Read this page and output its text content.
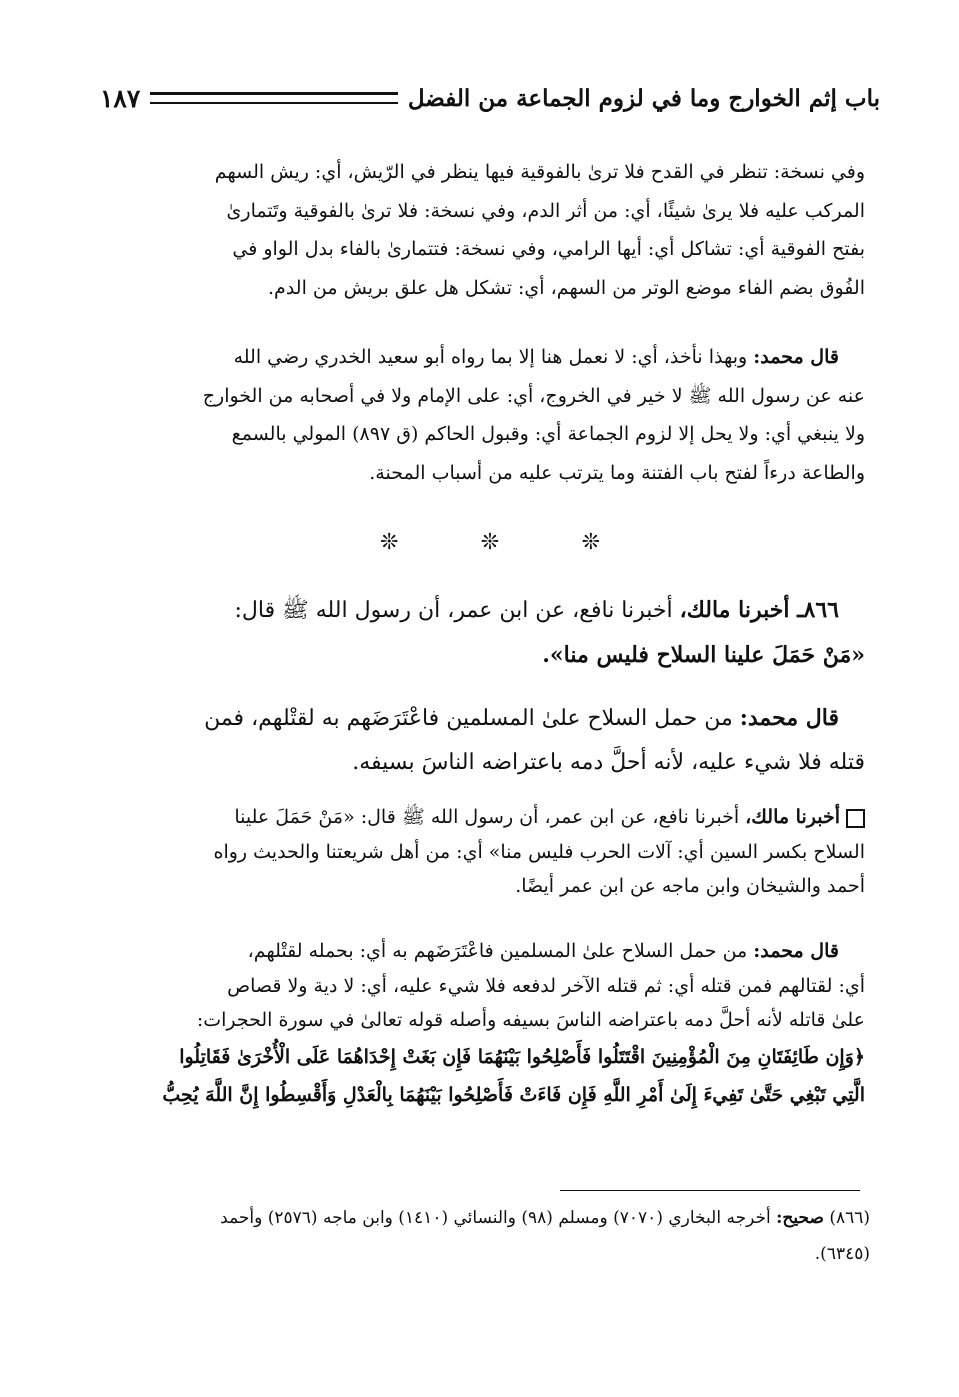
باب إثم الخوارج وما في لزوم الجماعة من الفضل
١٨٧
وفي نسخة: تنظر في القدح فلا ترىٰ بالفوقية فيها ينظر في الرّيش، أي: ريش السهم
المركب عليه فلا يرىٰ شيئًا، أي: من أثر الدم، وفي نسخة: فلا ترىٰ بالفوقية وتَتماریٰ
بفتح الفوقية أي: تشاكل أي: أيها الرامي، وفي نسخة: فتتماریٰ بالفاء بدل الواو في
الفُوق بضم الفاء موضع الوتر من السهم، أي: تشكل هل علق بريش من الدم.
قال محمد: وبهذا نأخذ، أي: لا نعمل هنا إلا بما رواه أبو سعيد الخدري رضي الله
عنه عن رسول الله ﷺ لا خير في الخروج، أي: على الإمام ولا في أصحابه من الخوارج
ولا ينبغي أي: ولا يحل إلا لزوم الجماعة أي: وقبول الحاكم (ق ٨٩٧) المولي بالسمع
والطاعة درءاً لفتح باب الفتنة وما يترتب عليه من أسباب المحنة.
❊	❊	❊
٨٦٦ـ أخبرنا مالك، أخبرنا نافع، عن ابن عمر، أن رسول الله ﷺ قال:
«مَنْ حَمَلَ علينا السلاح فليس منا».
قال محمد: من حمل السلاح علىٰ المسلمين فاعْتَرَضَهم به لقتْلهم، فمن
قتله فلا شيء عليه، لأنه أحلَّ دمه باعتراضه الناسَ بسيفه.
أخبرنا مالك، أخبرنا نافع، عن ابن عمر، أن رسول الله ﷺ قال: «مَنْ حَمَلَ علينا
السلاح بكسر السين أي: آلات الحرب فليس منا» أي: من أهل شريعتنا والحديث رواه
أحمد والشيخان وابن ماجه عن ابن عمر أيضًا.
قال محمد: من حمل السلاح علىٰ المسلمين فاعْتَرَضَهم به أي: بحمله لقتْلهم،
أي: لقتالهم فمن قتله أي: ثم قتله الآخر لدفعه فلا شيء عليه، أي: لا دية ولا قصاص
علىٰ قاتله لأنه أحلَّ دمه باعتراضه الناسَ بسيفه وأصله قوله تعالىٰ في سورة الحجرات:
﴿وَإِن طَائِفَتَانِ مِنَ الْمُؤْمِنِينَ اقْتَتَلُوا فَأَصْلِحُوا بَيْنَهُمَا فَإِن بَغَتْ إِحْدَاهُمَا عَلَى الْأُخْرَىٰ فَقَاتِلُوا
الَّتِي تَبْغِي حَتَّىٰ تَفِيءَ إِلَىٰ أَمْرِ اللَّهِ فَإِن فَاءَتْ فَأَصْلِحُوا بَيْنَهُمَا بِالْعَدْلِ وَأَقْسِطُوا إِنَّ اللَّهَ يُحِبُّ
(٨٦٦) صحيح: أخرجه البخاري (٧٠٧٠) ومسلم (٩٨) والنسائي (١٤١٠) وابن ماجه (٢٥٧٦) وأحمد
(٦٣٤٥).
